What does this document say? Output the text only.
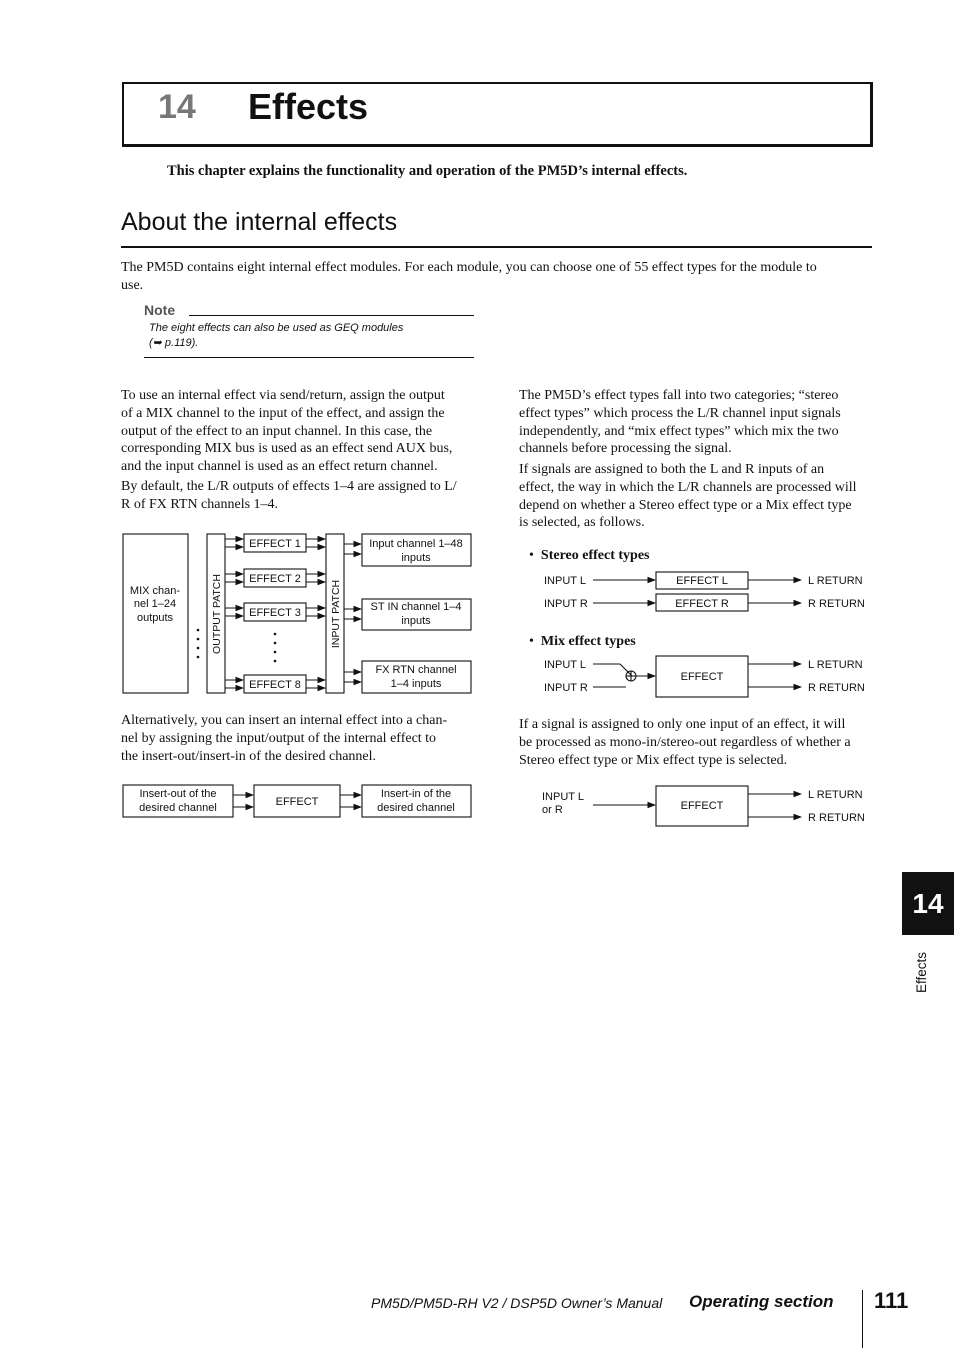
14 Effects
This chapter explains the functionality and operation of the PM5D’s internal effects.
About the internal effects
The PM5D contains eight internal effect modules. For each module, you can choose one of 55 effect types for the module to
use.
Note
The eight effects can also be used as GEQ modules
(➥ p.119).
To use an internal effect via send/return, assign the output
of a MIX channel to the input of the effect, and assign the
output of the effect to an input channel. In this case, the
corresponding MIX bus is used as an effect send AUX bus,
and the input channel is used as an effect return channel.
By default, the L/R outputs of effects 1–4 are assigned to L/
R of FX RTN channels 1–4.
Alternatively, you can insert an internal effect into a chan-
nel by assigning the input/output of the internal effect to
the insert-out/insert-in of the desired channel.
The PM5D’s effect types fall into two categories; “stereo
effect types” which process the L/R channel input signals
independently, and “mix effect types” which mix the two
channels before processing the signal.
If signals are assigned to both the L and R inputs of an
effect, the way in which the L/R channels are processed will
depend on whether a Stereo effect type or a Mix effect type
is selected, as follows.
If a signal is assigned to only one input of an effect, it will
be processed as mono-in/stereo-out regardless of whether a
Stereo effect type or Mix effect type is selected.
• Stereo effect types
• Mix effect types
MIX chan-
nel 1–24
outputs
EFFECT 1
EFFECT 2
EFFECT 3
EFFECT 8
Input channel 1–48
inputs
ST IN channel 1–4
inputs
FX RTN channel
1–4 inputs
OUTPUT PATCH	INPUT PATCH
Insert-out of the
desired channel	EFFECT
Insert-in of the
desired channel
INPUT L
INPUT R
EFFECT L
EFFECT R
L RETURN
R RETURN
INPUT L
INPUT R
EFFECT
L RETURN
R RETURN
INPUT L
or R	EFFECT
L RETURN
R RETURN
14
Effects
PM5D/PM5D-RH V2 / DSP5D Owner’s Manual Operating section 111
